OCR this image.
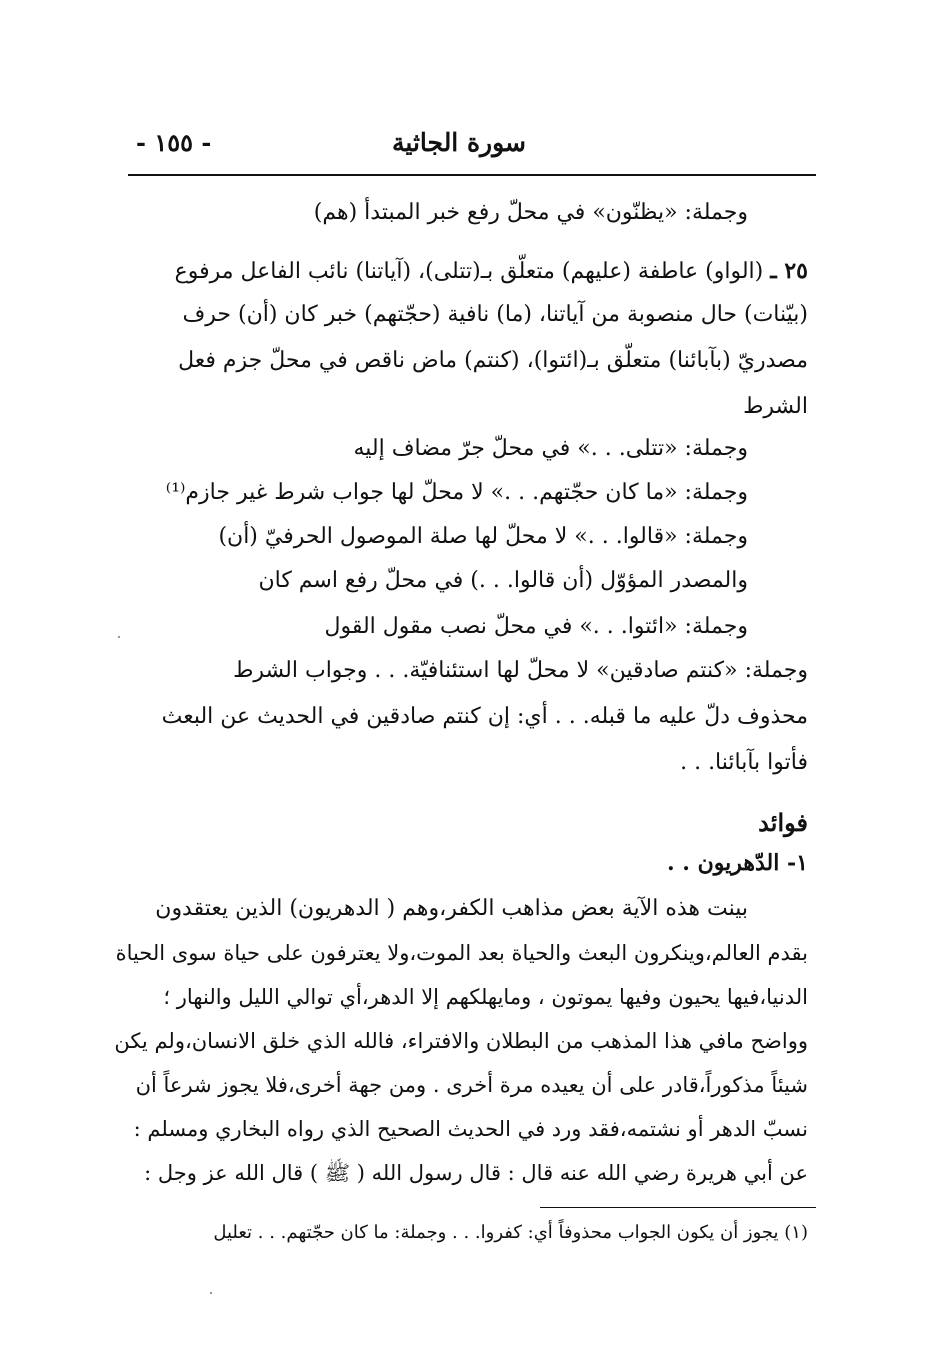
- ١٥٥ -	سورة الجاثية
وجملة: «يظنّون» في محلّ رفع خبر المبتدأ (هم)
٢٥ ـ (الواو) عاطفة (عليهم) متعلّق بـ(تتلى)، (آياتنا) نائب الفاعل مرفوع
(بيّنات) حال منصوبة من آياتنا، (ما) نافية (حجّتهم) خبر كان (أن) حرف
مصدريّ (بآبائنا) متعلّق بـ(ائتوا)، (كنتم) ماض ناقص في محلّ جزم فعل
الشرط
وجملة: «تتلى. . .» في محلّ جرّ مضاف إليه
وجملة: «ما كان حجّتهم. . .» لا محلّ لها جواب شرط غير جازم⁽¹⁾
وجملة: «قالوا. . .» لا محلّ لها صلة الموصول الحرفيّ (أن)
والمصدر المؤوّل (أن قالوا. . .) في محلّ رفع اسم كان
وجملة: «ائتوا. . .» في محلّ نصب مقول القول
وجملة: «كنتم صادقين» لا محلّ لها استئنافيّة. . . وجواب الشرط
محذوف دلّ عليه ما قبله. . . أي: إن كنتم صادقين في الحديث عن البعث
فأتوا بآبائنا. . .
فوائد
١- الدّهريون . .
بينت هذه الآية بعض مذاهب الكفر،وهم ( الدهريون) الذين يعتقدون
بقدم العالم،وينكرون البعث والحياة بعد الموت،ولا يعترفون على حياة سوى الحياة
الدنيا،فيها يحيون وفيها يموتون ، ومايهلكهم إلا الدهر،أي توالي الليل والنهار ؛
وواضح مافي هذا المذهب من البطلان والافتراء، فالله الذي خلق الانسان،ولم يكن
شيئاً مذكوراً،قادر على أن يعيده مرة أخرى . ومن جهة أخرى،فلا يجوز شرعاً أن
نسبّ الدهر أو نشتمه،فقد ورد في الحديث الصحيح الذي رواه البخاري ومسلم :
عن أبي هريرة رضي الله عنه قال : قال رسول الله ( ﷺ ) قال الله عز وجل :
(١) يجوز أن يكون الجواب محذوفاً أي: كفروا. . . وجملة: ما كان حجّتهم. . . تعليل
